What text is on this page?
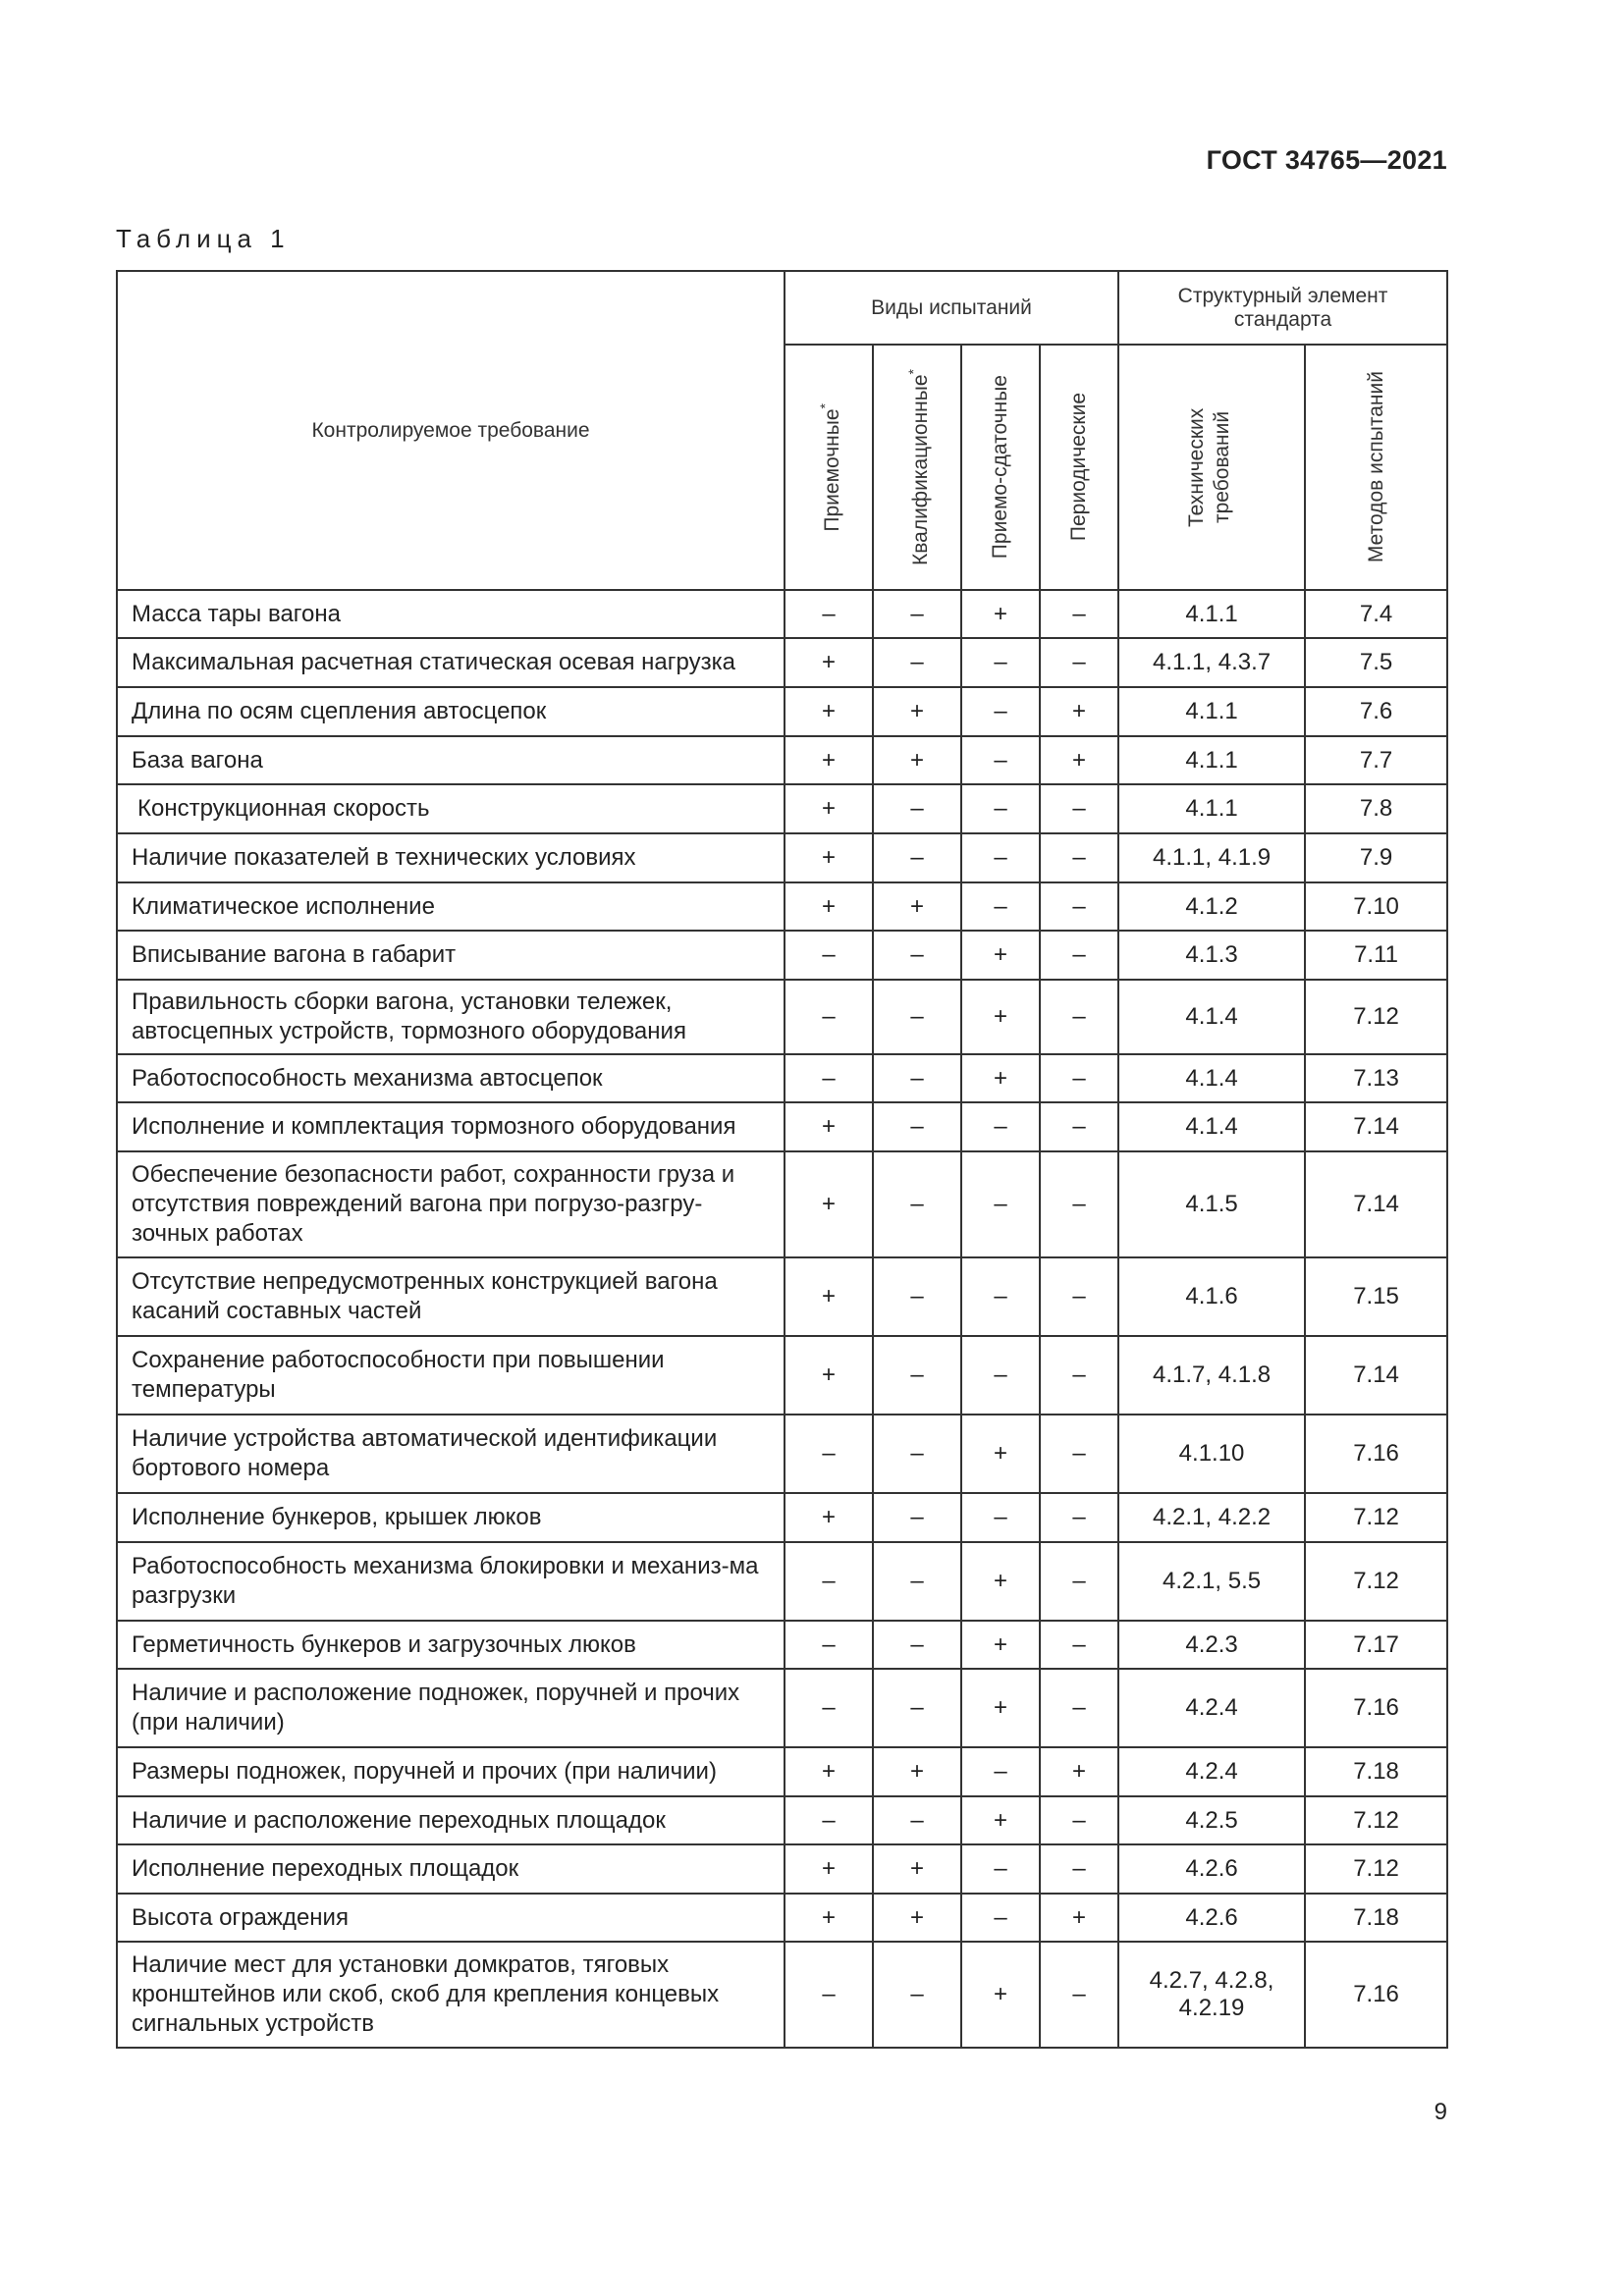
ГОСТ 34765—2021
Таблица 1
Контролируемое требование	Виды испытаний				Структурный элемент стандарта	

	Приемочные*	Квалификационные*	Приемо-сдаточные	Периодические	Технических требований	Методов испытаний

Масса тары вагона	–	–	+	–	4.1.1	7.4
Максимальная расчетная статическая осевая нагрузка	+	–	–	–	4.1.1, 4.3.7	7.5
Длина по осям сцепления автосцепок	+	+	–	+	4.1.1	7.6
База вагона	+	+	–	+	4.1.1	7.7
Конструкционная скорость	+	–	–	–	4.1.1	7.8
Наличие показателей в технических условиях	+	–	–	–	4.1.1, 4.1.9	7.9
Климатическое исполнение	+	+	–	–	4.1.2	7.10
Вписывание вагона в габарит	–	–	+	–	4.1.3	7.11
Правильность сборки вагона, установки тележек, автосцепных устройств, тормозного оборудования	–	–	+	–	4.1.4	7.12
Работоспособность механизма автосцепок	–	–	+	–	4.1.4	7.13
Исполнение и комплектация тормозного оборудования	+	–	–	–	4.1.4	7.14
Обеспечение безопасности работ, сохранности груза и отсутствия повреждений вагона при погрузо-разгру-зочных работах	+	–	–	–	4.1.5	7.14
Отсутствие непредусмотренных конструкцией вагона касаний составных частей	+	–	–	–	4.1.6	7.15
Сохранение работоспособности при повышении температуры	+	–	–	–	4.1.7, 4.1.8	7.14
Наличие устройства автоматической идентификации бортового номера	–	–	+	–	4.1.10	7.16
Исполнение бункеров, крышек люков	+	–	–	–	4.2.1, 4.2.2	7.12
Работоспособность механизма блокировки и механиз-ма разгрузки	–	–	+	–	4.2.1, 5.5	7.12
Герметичность бункеров и загрузочных люков	–	–	+	–	4.2.3	7.17
Наличие и расположение подножек, поручней и прочих (при наличии)	–	–	+	–	4.2.4	7.16
Размеры подножек, поручней и прочих (при наличии)	+	+	–	+	4.2.4	7.18
Наличие и расположение переходных площадок	–	–	+	–	4.2.5	7.12
Исполнение переходных площадок	+	+	–	–	4.2.6	7.12
Высота ограждения	+	+	–	+	4.2.6	7.18
Наличие мест для установки домкратов, тяговых кронштейнов или скоб, скоб для крепления концевых сигнальных устройств	–	–	+	–	4.2.7, 4.2.8, 4.2.19	7.16
9
